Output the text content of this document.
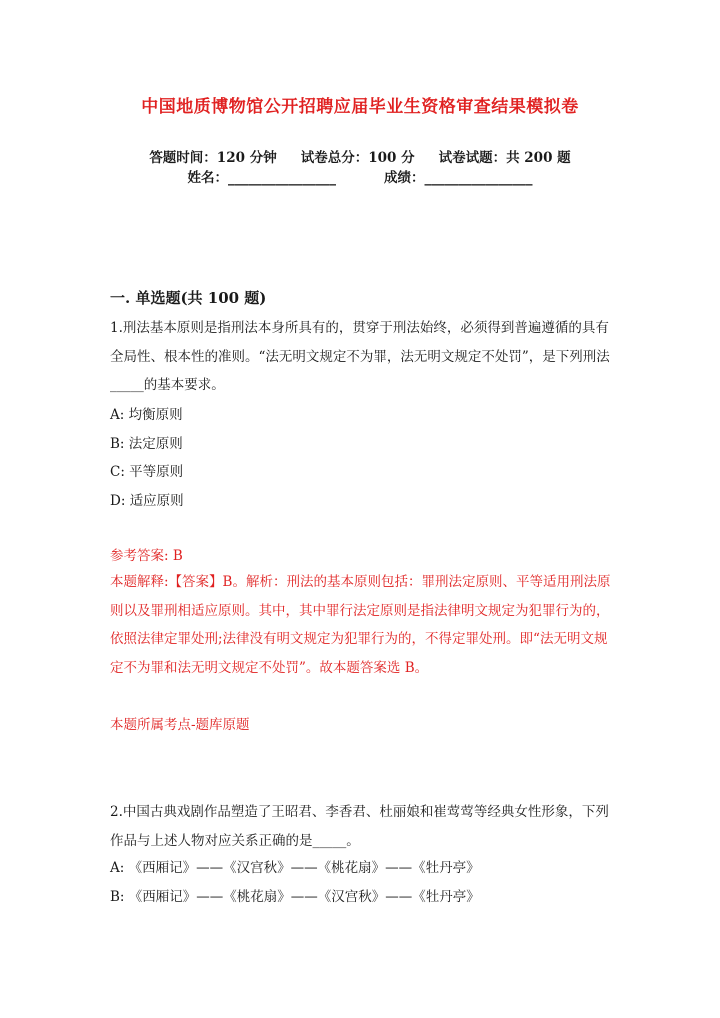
中国地质博物馆公开招聘应届毕业生资格审查结果模拟卷
答题时间：120 分钟 试卷总分：100 分 试卷试题：共 200 题
姓名：________________	成绩：________________
一. 单选题(共 100 题)
1.刑法基本原则是指刑法本身所具有的，贯穿于刑法始终，必须得到普遍遵循的具有全局性、根本性的准则。“法无明文规定不为罪，法无明文规定不处罚”，是下列刑法_____的基本要求。
A: 均衡原则
B: 法定原则
C: 平等原则
D: 适应原则
参考答案: B
本题解释:【答案】B。解析：刑法的基本原则包括：罪刑法定原则、平等适用刑法原则以及罪刑相适应原则。其中，其中罪行法定原则是指法律明文规定为犯罪行为的，依照法律定罪处刑;法律没有明文规定为犯罪行为的，不得定罪处刑。即“法无明文规定不为罪和法无明文规定不处罚”。故本题答案选 B。
本题所属考点-题库原题
2.中国古典戏剧作品塑造了王昭君、李香君、杜丽娘和崔莺莺等经典女性形象，下列作品与上述人物对应关系正确的是_____。
A: 《西厢记》——《汉宫秋》——《桃花扇》——《牡丹亭》
B: 《西厢记》——《桃花扇》——《汉宫秋》——《牡丹亭》
